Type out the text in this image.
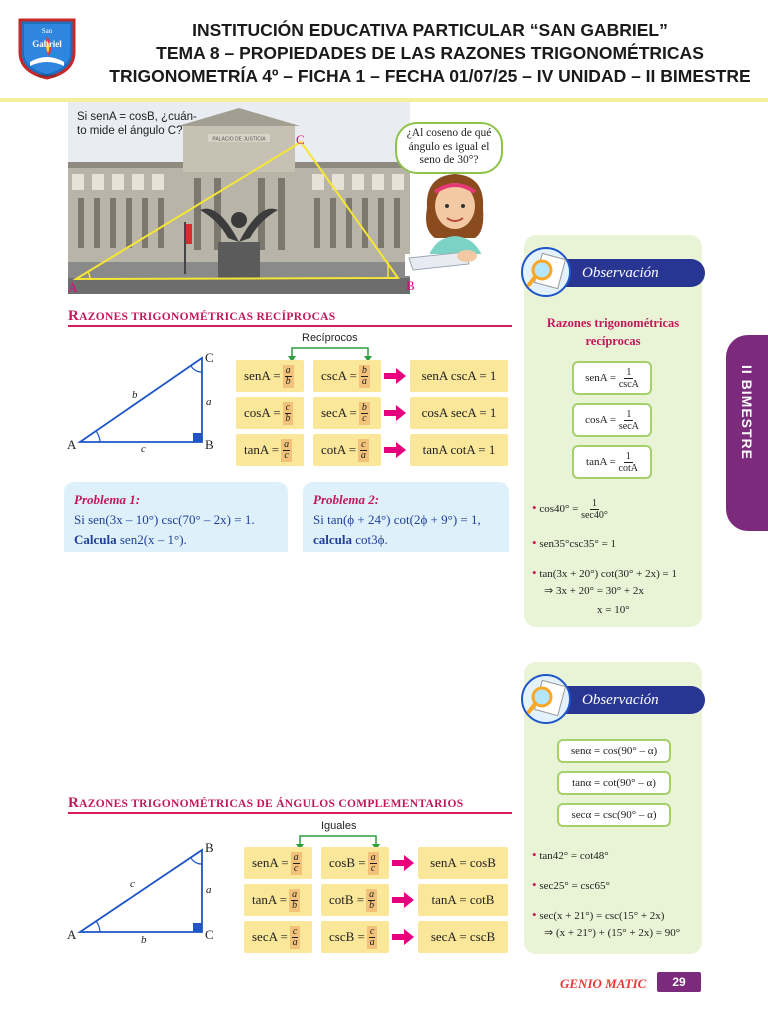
San
Gabriel
COLEGIO
INSTITUCIÓN EDUCATIVA PARTICULAR “SAN GABRIEL”
TEMA 8 – PROPIEDADES DE LAS RAZONES TRIGONOMÉTRICAS
TRIGONOMETRÍA 4º – FICHA 1 – FECHA 01/07/25 – IV UNIDAD – II BIMESTRE
PALACIO DE JUSTICIA
Si senA = cosB, ¿cuán-
to mide el ángulo C?
C
A	B
¿Al coseno de qué
ángulo es igual el
seno de 30°?
RAZONES TRIGONOMÉTRICAS RECÍPROCAS
A	B
C
a
b
c
Recíprocos
senA = $\frac{a}{b}$ $\csc A = \frac{b}{a}$	senA cscA = 1
$\cos A = \frac{c}{b}$ $\sec A = \frac{b}{c}$	cosA secA = 1
$\tan A = \frac{a}{c}$ $\cot A = \frac{c}{a}$	tanA cotA = 1
Problema 1:
Si sen(3x – 10°) csc(70° – 2x) = 1.
Calcula sen2(x – 1°).
Problema 2:
Si tan(ϕ + 24°) cot(2ϕ + 9°) = 1,
calcula cot3ϕ.
Observación
Razones trigonométricas
recíprocas
senA =
1
cscA
cosA =
1
secA
tanA =
$\frac{1}{\cot A}$
• cos40° = 1
sec40°
• sen35°csc35° = 1
• tan(3x + 20°) cot(30° + 2x) = 1
⇒ 3x + 20° = 30° + 2x
x = 10°
II BIMESTRE
Observación
senα = cos(90° – α)
tanα = cot(90° – α)
secα = csc(90° – α)
• tan42° = cot48°
• sec25° = csc65°
• sec(x + 21°) = csc(15° + 2x)
⇒ (x + 21°) + (15° + 2x) = 90°
RAZONES TRIGONOMÉTRICAS DE ÁNGULOS COMPLEMENTARIOS
A
B
C
a
b
c
Iguales
senA = $\frac{a}{c}$ $\cos B = \frac{a}{c}$	senA = cosB
$\tan A = \frac{a}{b}$ $\cot B = \frac{a}{b}$	tanA = cotB
$\sec A = \frac{c}{a}$ $\csc B = \frac{c}{a}$	secA = cscB
GENIO MATIC	29
